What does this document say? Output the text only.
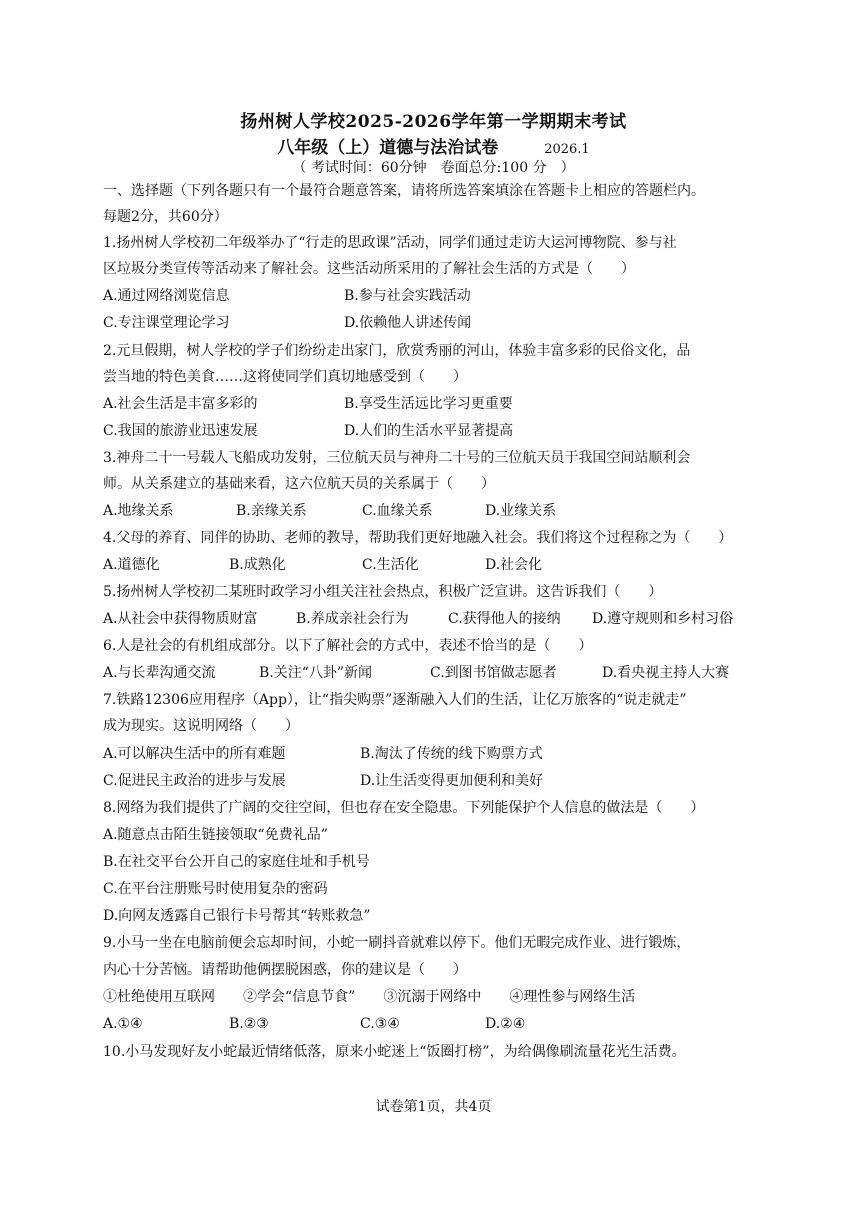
扬州树人学校2025-2026学年第一学期期末考试
八年级（上）道德与法治试卷	2026.1
（ 考试时间：60分钟　卷面总分:100 分　）
一、选择题（下列各题只有一个最符合题意答案，请将所选答案填涂在答题卡上相应的答题栏内。
每题2分，共60分）
1.扬州树人学校初二年级举办了“行走的思政课”活动，同学们通过走访大运河博物院、参与社
区垃圾分类宣传等活动来了解社会。这些活动所采用的了解社会生活的方式是（　　）
A.通过网络浏览信息	B.参与社会实践活动
C.专注课堂理论学习	D.依赖他人讲述传闻
2.元旦假期，树人学校的学子们纷纷走出家门，欣赏秀丽的河山，体验丰富多彩的民俗文化，品
尝当地的特色美食……这将使同学们真切地感受到（　　）
A.社会生活是丰富多彩的	B.享受生活远比学习更重要
C.我国的旅游业迅速发展	D.人们的生活水平显著提高
3.神舟二十一号载人飞船成功发射，三位航天员与神舟二十号的三位航天员于我国空间站顺利会
师。从关系建立的基础来看，这六位航天员的关系属于（　　）
A.地缘关系	B.亲缘关系	C.血缘关系	D.业缘关系
4.父母的养育、同伴的协助、老师的教导，帮助我们更好地融入社会。我们将这个过程称之为（　　）
A.道德化	B.成熟化	C.生活化	D.社会化
5.扬州树人学校初二某班时政学习小组关注社会热点，积极广泛宣讲。这告诉我们（　　）
A.从社会中获得物质财富	B.养成亲社会行为	C.获得他人的接纳 D.遵守规则和乡村习俗
6.人是社会的有机组成部分。以下了解社会的方式中，表述不恰当的是（　　）
A.与长辈沟通交流	B.关注“八卦”新闻	C.到图书馆做志愿者	D.看央视主持人大赛
7.铁路12306应用程序（App），让“指尖购票”逐渐融入人们的生活，让亿万旅客的“说走就走”
成为现实。这说明网络（　　）
A.可以解决生活中的所有难题	B.淘汰了传统的线下购票方式
C.促进民主政治的进步与发展	D.让生活变得更加便利和美好
8.网络为我们提供了广阔的交往空间，但也存在安全隐患。下列能保护个人信息的做法是（　　）
A.随意点击陌生链接领取“免费礼品”
B.在社交平台公开自己的家庭住址和手机号
C.在平台注册账号时使用复杂的密码
D.向网友透露自己银行卡号帮其“转账救急”
9.小马一坐在电脑前便会忘却时间，小蛇一刷抖音就难以停下。他们无暇完成作业、进行锻炼，
内心十分苦恼。请帮助他俩摆脱困惑，你的建议是（　　）
①杜绝使用互联网　　②学会“信息节食”　　③沉溺于网络中　　④理性参与网络生活
A.①④	B.②③	C.③④	D.②④
10.小马发现好友小蛇最近情绪低落，原来小蛇迷上“饭圈打榜”，为给偶像刷流量花光生活费。
试卷第1页，共4页
